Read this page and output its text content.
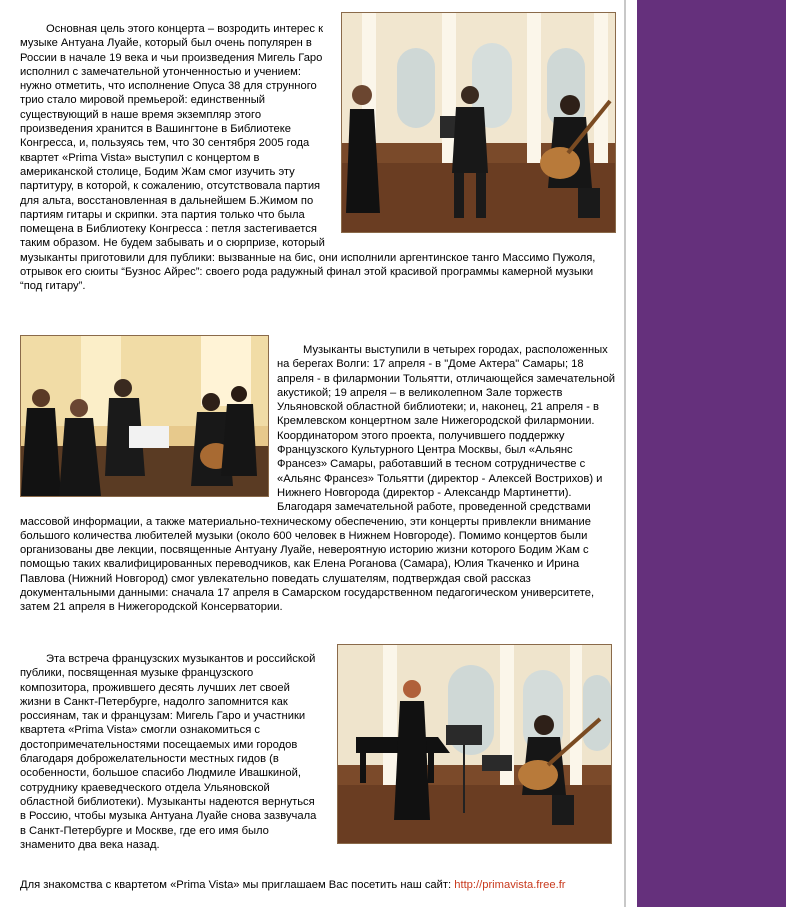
Основная цель этого концерта – возродить интерес к музыке Антуана Луайе, который был очень популярен в России в начале 19 века и чьи произведения Мигель Гаро исполнил с замечательной утонченностью и учением: нужно отметить, что исполнение Опуса 38 для струнного трио стало мировой премьерой: единственный существующий в наше время экземпляр этого произведения хранится в Вашингтоне в Библиотеке Конгресса, и, пользуясь тем, что 30 сентября 2005 года квартет «Prima Vista» выступил с концертом в американской столице, Бодим Жам смог изучить эту партитуру, в которой, к сожалению, отсутствовала партия для альта, восстановленная в дальнейшем Б.Жимом по партиям гитары и скрипки. эта партия только что была помещена в Библиотеку Конгресса : петля застегивается таким образом. Не будем забывать и о сюрпризе, который музыканты приготовили для публики: вызванные на бис, они исполнили аргентинское танго Массимо Пужоля, отрывок его сюиты “Бузнос Айрес”: своего рода радужный финал этой красивой программы камерной музыки “под гитару”.
Музыканты выступили в четырех городах, расположенных на берегах Волги: 17 апреля - в "Доме Актера" Самары; 18 апреля - в филармонии Тольятти, отличающейся замечательной акустикой; 19 апреля – в великолепном Зале торжеств Ульяновской областной библиотеки; и, наконец, 21 апреля - в Кремлевском концертном зале Нижегородской филармонии. Координатором этого проекта, получившего поддержку Французского Культурного Центра Москвы, был «Альянс Франсез» Самары, работавший в тесном сотрудничестве с «Альянс Франсез» Тольятти (директор - Алексей Вострихов) и Нижнего Новгорода (директор - Александр Мартинетти). Благодаря замечательной работе, проведенной средствами массовой информации, а также материально-техническому обеспечению, эти концерты привлекли внимание большого количества любителей музыки (около 600 человек в Нижнем Новгороде). Помимо концертов были организованы две лекции, посвященные Антуану Луайе, невероятную историю жизни которого Бодим Жам с помощью таких квалифицированных переводчиков, как Елена Роганова (Самара), Юлия Ткаченко и Ирина Павлова (Нижний Новгород) смог увлекательно поведать слушателям, подтверждая свой рассказ документальными данными: сначала 17 апреля в Самарском государственном педагогическом университете, затем 21 апреля в Нижегородской Консерватории.
Эта встреча французских музыкантов и российской публики, посвященная музыке французского композитора, прожившего десять лучших лет своей жизни в Санкт-Петербурге, надолго запомнится как россиянам, так и французам: Мигель Гаро и участники квартета «Prima Vista» смогли ознакомиться с достопримечательностями посещаемых ими городов благодаря доброжелательности местных гидов (в особенности, большое спасибо Людмиле Ивашкиной, сотруднику краеведческого отдела Ульяновской областной библиотеки). Музыканты надеются вернуться в Россию, чтобы музыка Антуана Луайе снова зазвучала в Санкт-Петербурге и Москве, где его имя было знаменито два века назад.
Для знакомства с квартетом «Prima Vista» мы приглашаем Вас посетить наш сайт: http://primavista.free.fr
